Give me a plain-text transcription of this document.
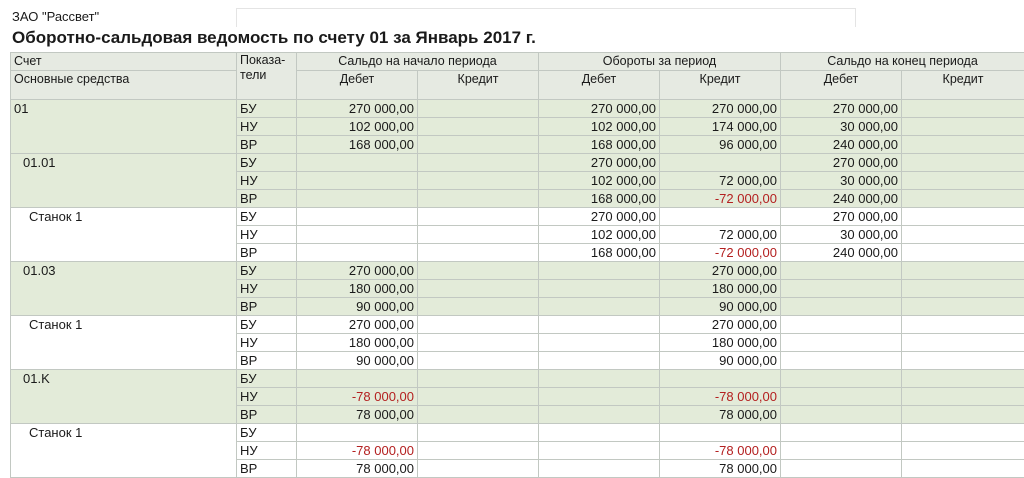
ЗАО "Рассвет"
Оборотно-сальдовая ведомость по счету 01 за Январь 2017 г.
Счет	Показа-тели	Сальдо на начало периода		Обороты за период		Сальдо на конец периода	
Основные средства		Дебет	Кредит	Дебет	Кредит	Дебет	Кредит
01	БУ	270 000,00		270 000,00	270 000,00	270 000,00	
	НУ	102 000,00		102 000,00	174 000,00	30 000,00	
	ВР	168 000,00		168 000,00	96 000,00	240 000,00	
01.01	БУ			270 000,00		270 000,00	
	НУ			102 000,00	72 000,00	30 000,00	
	ВР			168 000,00	-72 000,00	240 000,00	
Станок 1	БУ			270 000,00		270 000,00	
	НУ			102 000,00	72 000,00	30 000,00	
	ВР			168 000,00	-72 000,00	240 000,00	
01.03	БУ	270 000,00			270 000,00		
	НУ	180 000,00			180 000,00		
	ВР	90 000,00			90 000,00		
Станок 1	БУ	270 000,00			270 000,00		
	НУ	180 000,00			180 000,00		
	ВР	90 000,00			90 000,00		
01.K	БУ						
	НУ	-78 000,00			-78 000,00		
	ВР	78 000,00			78 000,00		
Станок 1	БУ						
	НУ	-78 000,00			-78 000,00		
	ВР	78 000,00			78 000,00		
